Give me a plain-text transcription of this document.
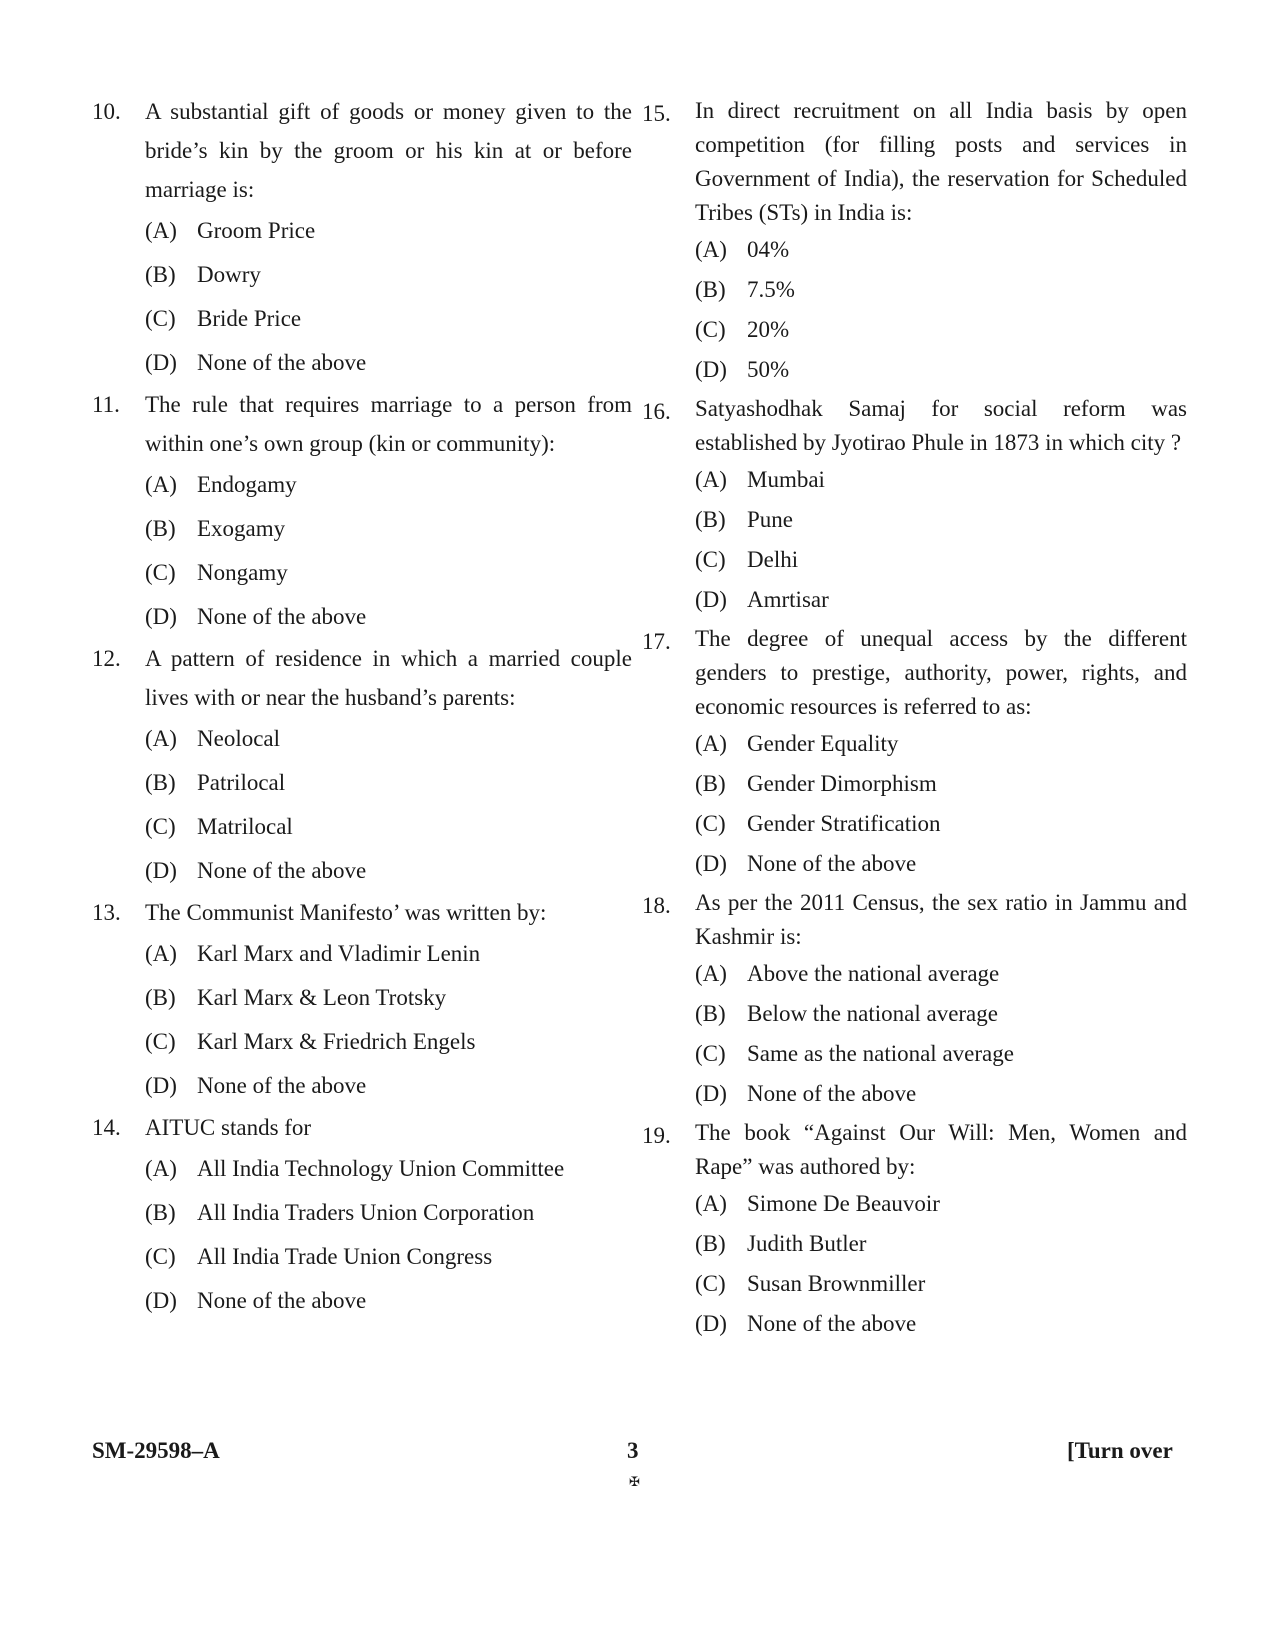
10. A substantial gift of goods or money given to the bride’s kin by the groom or his kin at or before marriage is:
(A) Groom Price
(B) Dowry
(C) Bride Price
(D) None of the above
11. The rule that requires marriage to a person from within one’s own group (kin or community):
(A) Endogamy
(B) Exogamy
(C) Nongamy
(D) None of the above
12. A pattern of residence in which a married couple lives with or near the husband’s parents:
(A) Neolocal
(B) Patrilocal
(C) Matrilocal
(D) None of the above
13. The Communist Manifesto’ was written by:
(A) Karl Marx and Vladimir Lenin
(B) Karl Marx & Leon Trotsky
(C) Karl Marx & Friedrich Engels
(D) None of the above
14. AITUC stands for
(A) All India Technology Union Committee
(B) All India Traders Union Corporation
(C) All India Trade Union Congress
(D) None of the above
15. In direct recruitment on all India basis by open competition (for filling posts and services in Government of India), the reservation for Scheduled Tribes (STs) in India is:
(A) 04%
(B) 7.5%
(C) 20%
(D) 50%
16. Satyashodhak Samaj for social reform was established by Jyotirao Phule in 1873 in which city ?
(A) Mumbai
(B) Pune
(C) Delhi
(D) Amrtisar
17. The degree of unequal access by the different genders to prestige, authority, power, rights, and economic resources is referred to as:
(A) Gender Equality
(B) Gender Dimorphism
(C) Gender Stratification
(D) None of the above
18. As per the 2011 Census, the sex ratio in Jammu and Kashmir is:
(A) Above the national average
(B) Below the national average
(C) Same as the national average
(D) None of the above
19. The book “Against Our Will: Men, Women and Rape” was authored by:
(A) Simone De Beauvoir
(B) Judith Butler
(C) Susan Brownmiller
(D) None of the above
SM-29598–A	3	[Turn over
✠
